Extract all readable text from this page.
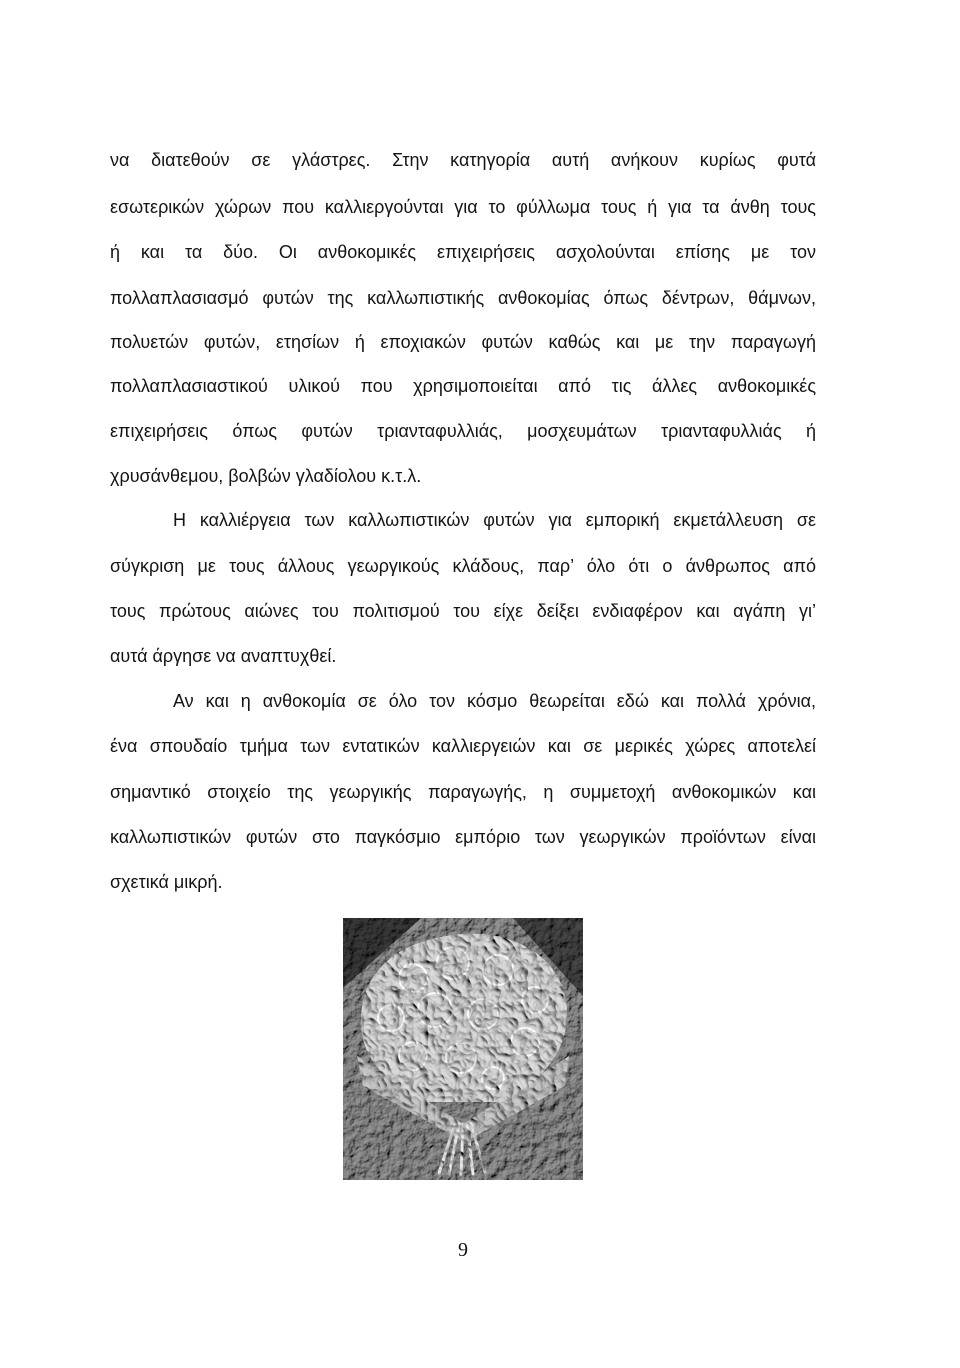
να διατεθούν σε γλάστρες. Στην κατηγορία αυτή ανήκουν κυρίως φυτά
εσωτερικών χώρων που καλλιεργούνται για το φύλλωμα τους ή για τα άνθη τους
ή και τα δύο. Οι ανθοκομικές επιχειρήσεις ασχολούνται επίσης με τον
πολλαπλασιασμό φυτών της καλλωπιστικής ανθοκομίας όπως δέντρων, θάμνων,
πολυετών φυτών, ετησίων ή εποχιακών φυτών καθώς και με την παραγωγή
πολλαπλασιαστικού υλικού που χρησιμοποιείται από τις άλλες ανθοκομικές
επιχειρήσεις όπως φυτών τριανταφυλλιάς, μοσχευμάτων τριανταφυλλιάς ή
χρυσάνθεμου, βολβών γλαδίολου κ.τ.λ.
Η καλλιέργεια των καλλωπιστικών φυτών για εμπορική εκμετάλλευση σε
σύγκριση με τους άλλους γεωργικούς κλάδους, παρ’ όλο ότι ο άνθρωπος από
τους πρώτους αιώνες του πολιτισμού του είχε δείξει ενδιαφέρον και αγάπη γι’
αυτά άργησε να αναπτυχθεί.
Αν και η ανθοκομία σε όλο τον κόσμο θεωρείται εδώ και πολλά χρόνια,
ένα σπουδαίο τμήμα των εντατικών καλλιεργειών και σε μερικές χώρες αποτελεί
σημαντικό στοιχείο της γεωργικής παραγωγής, η συμμετοχή ανθοκομικών και
καλλωπιστικών φυτών στο παγκόσμιο εμπόριο των γεωργικών προϊόντων είναι
σχετικά μικρή.
9
